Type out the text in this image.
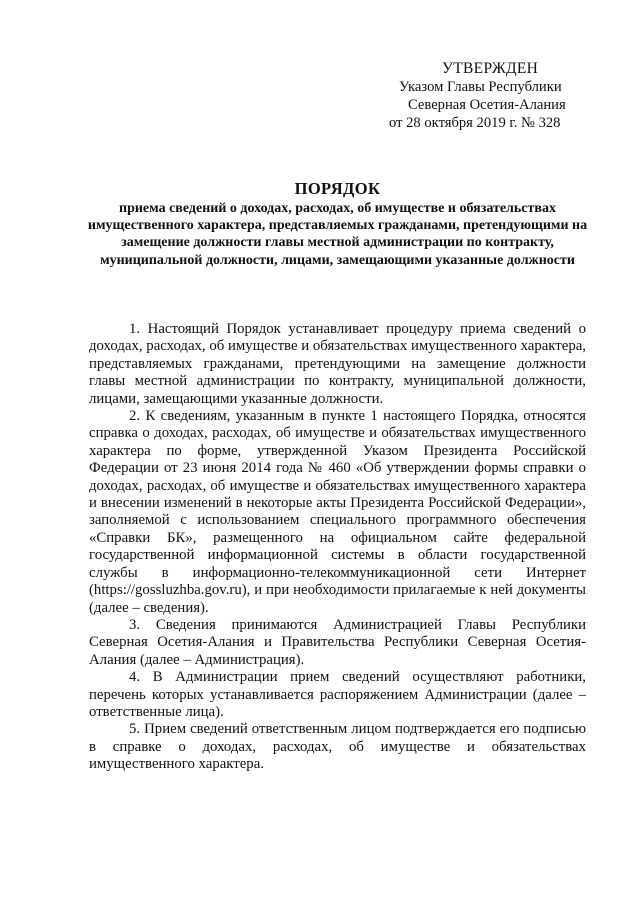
УТВЕРЖДЕН
Указом Главы Республики
Северная Осетия-Алания
от 28 октября 2019 г. № 328
ПОРЯДОК
приема сведений о доходах, расходах, об имуществе и обязательствах имущественного характера, представляемых гражданами, претендующими на замещение должности главы местной администрации по контракту, муниципальной должности, лицами, замещающими указанные должности

1. Настоящий Порядок устанавливает процедуру приема сведений о доходах, расходах, об имуществе и обязательствах имущественного характера, представляемых гражданами, претендующими на замещение должности главы местной администрации по контракту, муниципальной должности, лицами, замещающими указанные должности.

2. К сведениям, указанным в пункте 1 настоящего Порядка, относятся справка о доходах, расходах, об имуществе и обязательствах имущественного характера по форме, утвержденной Указом Президента Российской Федерации от 23 июня 2014 года № 460 «Об утверждении формы справки о доходах, расходах, об имуществе и обязательствах имущественного характера и внесении изменений в некоторые акты Президента Российской Федерации», заполняемой с использованием специального программного обеспечения «Справки БК», размещенного на официальном сайте федеральной государственной информационной системы в области государственной службы в информационно-телекоммуникационной сети Интернет (https://gossluzhba.gov.ru), и при необходимости прилагаемые к ней документы (далее – сведения).

3. Сведения принимаются Администрацией Главы Республики Северная Осетия-Алания и Правительства Республики Северная Осетия-Алания (далее – Администрация).

4. В Администрации прием сведений осуществляют работники, перечень которых устанавливается распоряжением Администрации (далее – ответственные лица).

5. Прием сведений ответственным лицом подтверждается его подписью в справке о доходах, расходах, об имуществе и обязательствах имущественного характера.
